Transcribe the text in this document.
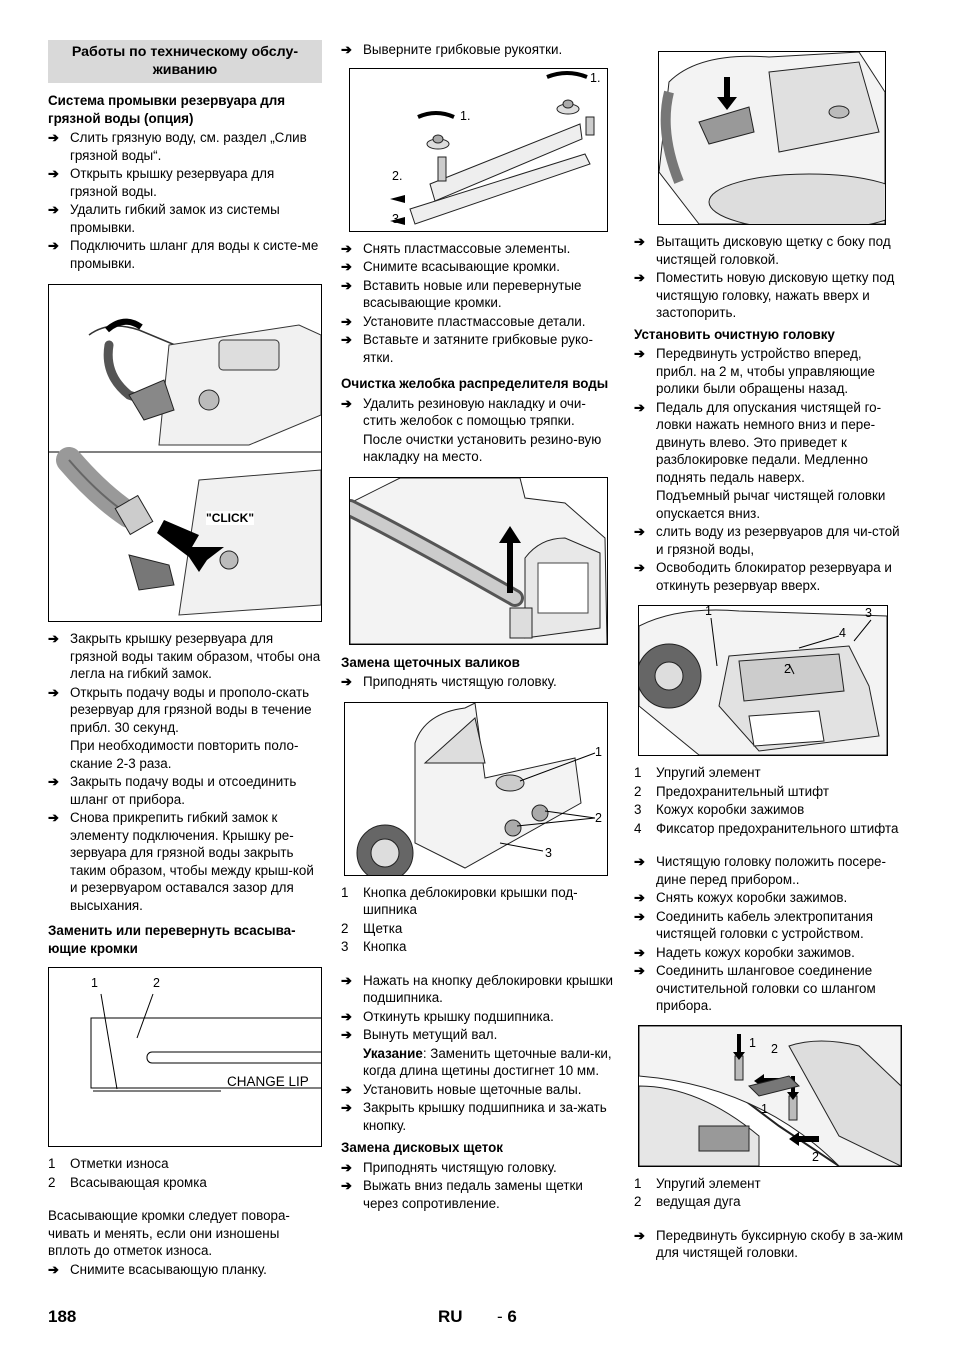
Работы по техническому обслу-живанию
Система промывки резервуара для грязной воды (опция)
➔ Слить грязную воду, см. раздел „Слив грязной воды“.
➔ Открыть крышку резервуара для грязной воды.
➔ Удалить гибкий замок из системы промывки.
➔ Подключить шланг для воды к систе-ме промывки.
"CLICK"
➔ Закрыть крышку резервуара для грязной воды таким образом, чтобы она легла на гибкий замок.
➔ Открыть подачу воды и прополо-скать резервуар для грязной воды в течение прибл. 30 секунд.
При необходимости повторить поло-скание 2-3 раза.
➔ Закрыть подачу воды и отсоединить шланг от прибора.
➔ Снова прикрепить гибкий замок к элементу подключения. Крышку ре-зервуара для грязной воды закрыть таким образом, чтобы между крыш-кой и резервуаром оставался зазор для высыхания.
Заменить или перевернуть всасыва-ющие кромки
1	2
CHANGE LIP
1	Отметки износа
2	Всасывающая кромка
Всасывающие кромки следует повора-чивать и менять, если они изношены вплоть до отметок износа.
➔ Снимите всасывающую планку.
➔ Выверните грибковые рукоятки.
1.
1.
2.
3.
➔ Снять пластмассовые элементы.
➔ Снимите всасывающие кромки.
➔ Вставить новые или перевернутые всасывающие кромки.
➔ Установите пластмассовые детали.
➔ Вставьте и затяните грибковые руко-ятки.
Очистка желобка распределителя воды
➔ Удалить резиновую накладку и очи-стить желобок с помощью тряпки.
После очистки установить резино-вую накладку на место.
Замена щеточных валиков
➔ Приподнять чистящую головку.
1
2
3
1	Кнопка деблокировки крышки под-шипника
2	Щетка
3	Кнопка
➔ Нажать на кнопку деблокировки крышки подшипника.
➔ Откинуть крышку подшипника.
➔ Вынуть метущий вал.
Указание: Заменить щеточные вали-ки, когда длина щетины достигнет 10 мм.
➔ Установить новые щеточные валы.
➔ Закрыть крышку подшипника и за-жать кнопку.
Замена дисковых щеток
➔ Приподнять чистящую головку.
➔ Выжать вниз педаль замены щетки через сопротивление.
➔ Вытащить дисковую щетку с боку под чистящей головкой.
➔ Поместить новую дисковую щетку под чистящую головку, нажать вверх и застопорить.
Установить очистную головку
➔ Передвинуть устройство вперед, прибл. на 2 м, чтобы управляющие ролики были обращены назад.
➔ Педаль для опускания чистящей го-ловки нажать немного вниз и пере-двинуть влево. Это приведет к разблокировке педали. Медленно поднять педаль наверх.
Подъемный рычаг чистящей головки опускается вниз.
➔ слить воду из резервуаров для чи-стой и грязной воды,
➔ Освободить блокиратор резервуара и откинуть резервуар вверх.
1	3
4
2
1	Упругий элемент
2	Предохранительный штифт
3	Кожух коробки зажимов
4	Фиксатор предохранительного штифта
➔ Чистящую головку положить посере-дине перед прибором..
➔ Снять кожух коробки зажимов.
➔ Соединить кабель электропитания чистящей головки с устройством.
➔ Надеть кожух коробки зажимов.
➔ Соединить шланговое соединение очистительной головки со шлангом прибора.
1 2
1
2
1	Упругий элемент
2	ведущая дуга
➔ Передвинуть буксирную скобу в за-жим для чистящей головки.
188	RU - 6
